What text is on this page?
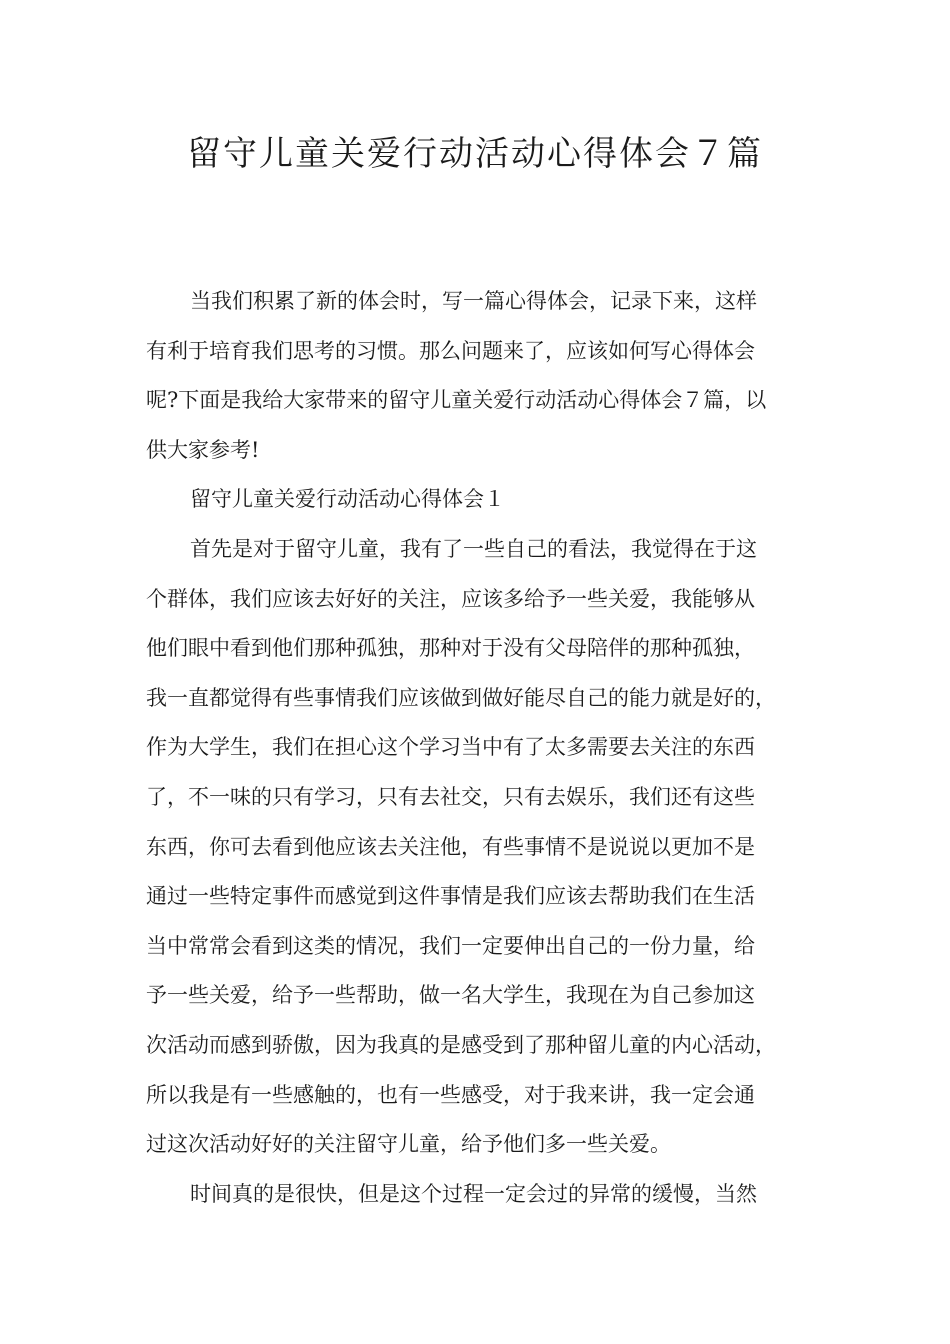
留守儿童关爱行动活动心得体会７篇
当我们积累了新的体会时，写一篇心得体会，记录下来，这样
有利于培育我们思考的习惯。那么问题来了，应该如何写心得体会
呢?下面是我给大家带来的留守儿童关爱行动活动心得体会７篇，以
供大家参考!
留守儿童关爱行动活动心得体会１
首先是对于留守儿童，我有了一些自己的看法，我觉得在于这
个群体，我们应该去好好的关注，应该多给予一些关爱，我能够从
他们眼中看到他们那种孤独，那种对于没有父母陪伴的那种孤独，
我一直都觉得有些事情我们应该做到做好能尽自己的能力就是好的，
作为大学生，我们在担心这个学习当中有了太多需要去关注的东西
了，不一味的只有学习，只有去社交，只有去娱乐，我们还有这些
东西，你可去看到他应该去关注他，有些事情不是说说以更加不是
通过一些特定事件而感觉到这件事情是我们应该去帮助我们在生活
当中常常会看到这类的情况，我们一定要伸出自己的一份力量，给
予一些关爱，给予一些帮助，做一名大学生，我现在为自己参加这
次活动而感到骄傲，因为我真的是感受到了那种留儿童的内心活动，
所以我是有一些感触的，也有一些感受，对于我来讲，我一定会通
过这次活动好好的关注留守儿童，给予他们多一些关爱。
时间真的是很快，但是这个过程一定会过的异常的缓慢，当然
